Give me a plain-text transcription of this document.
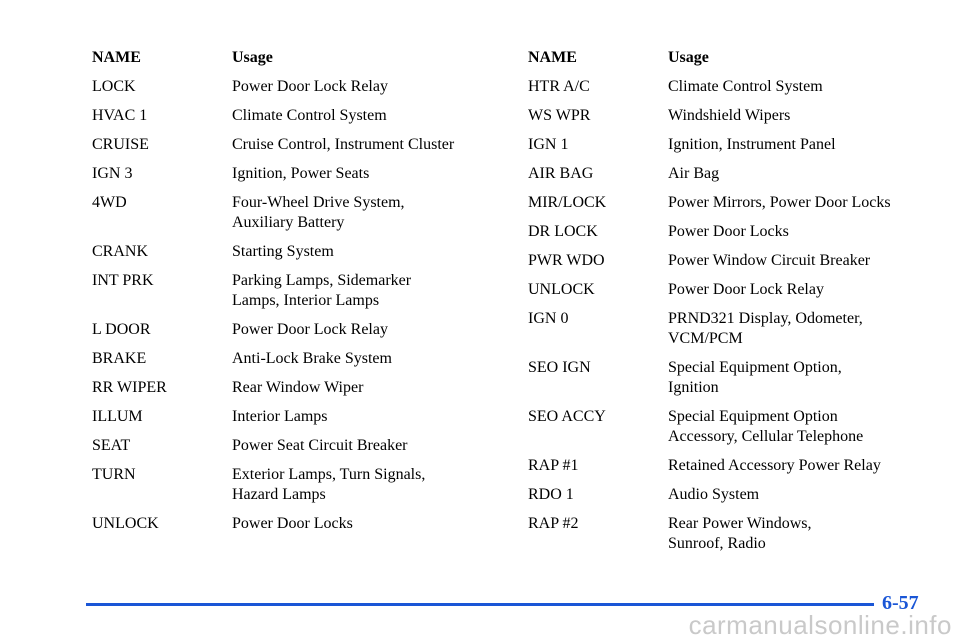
NAME	Usage
LOCK	Power Door Lock Relay
HVAC 1	Climate Control System
CRUISE	Cruise Control, Instrument Cluster
IGN 3	Ignition, Power Seats
4WD	Four-Wheel Drive System,
Auxiliary Battery
CRANK	Starting System
INT PRK	Parking Lamps, Sidemarker
Lamps, Interior Lamps
L DOOR	Power Door Lock Relay
BRAKE	Anti-Lock Brake System
RR WIPER	Rear Window Wiper
ILLUM	Interior Lamps
SEAT	Power Seat Circuit Breaker
TURN	Exterior Lamps, Turn Signals,
Hazard Lamps
UNLOCK	Power Door Locks
NAME	Usage
HTR A/C	Climate Control System
WS WPR	Windshield Wipers
IGN 1	Ignition, Instrument Panel
AIR BAG	Air Bag
MIR/LOCK	Power Mirrors, Power Door Locks
DR LOCK	Power Door Locks
PWR WDO	Power Window Circuit Breaker
UNLOCK	Power Door Lock Relay
IGN 0	PRND321 Display, Odometer,
VCM/PCM
SEO IGN	Special Equipment Option,
Ignition
SEO ACCY	Special Equipment Option
Accessory, Cellular Telephone
RAP #1	Retained Accessory Power Relay
RDO 1	Audio System
RAP #2	Rear Power Windows,
Sunroof, Radio
6-57
carmanualsonline.info
